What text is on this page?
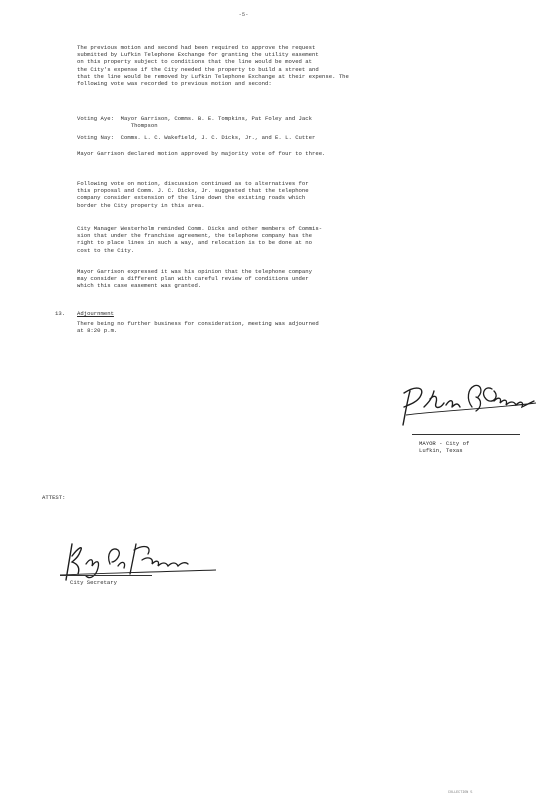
-5-
The previous motion and second had been required to approve the request
submitted by Lufkin Telephone Exchange for granting the utility easement
on this property subject to conditions that the line would be moved at
the City's expense if the City needed the property to build a street and
that the line would be removed by Lufkin Telephone Exchange at their expense. The
following vote was recorded to previous motion and second:
Voting Aye:  Mayor Garrison, Comms. B. E. Tompkins, Pat Foley and Jack
Thompson
Voting Nay:  Comms. L. C. Wakefield, J. C. Dicks, Jr., and E. L. Cutter
Mayor Garrison declared motion approved by majority vote of four to three.
Following vote on motion, discussion continued as to alternatives for
this proposal and Comm. J. C. Dicks, Jr. suggested that the telephone
company consider extension of the line down the existing roads which
border the City property in this area.
City Manager Westerholm reminded Comm. Dicks and other members of Commis-
sion that under the franchise agreement, the telephone company has the
right to place lines in such a way, and relocation is to be done at no
cost to the City.
Mayor Garrison expressed it was his opinion that the telephone company
may consider a different plan with careful review of conditions under
which this case easement was granted.
13. Adjournment
There being no further business for consideration, meeting was adjourned
at 8:20 p.m.
Peter F. Garrison
MAYOR - City of Lufkin, Texas
ATTEST:
Kaye Hall Finn
City Secretary
COLLECTION 5
